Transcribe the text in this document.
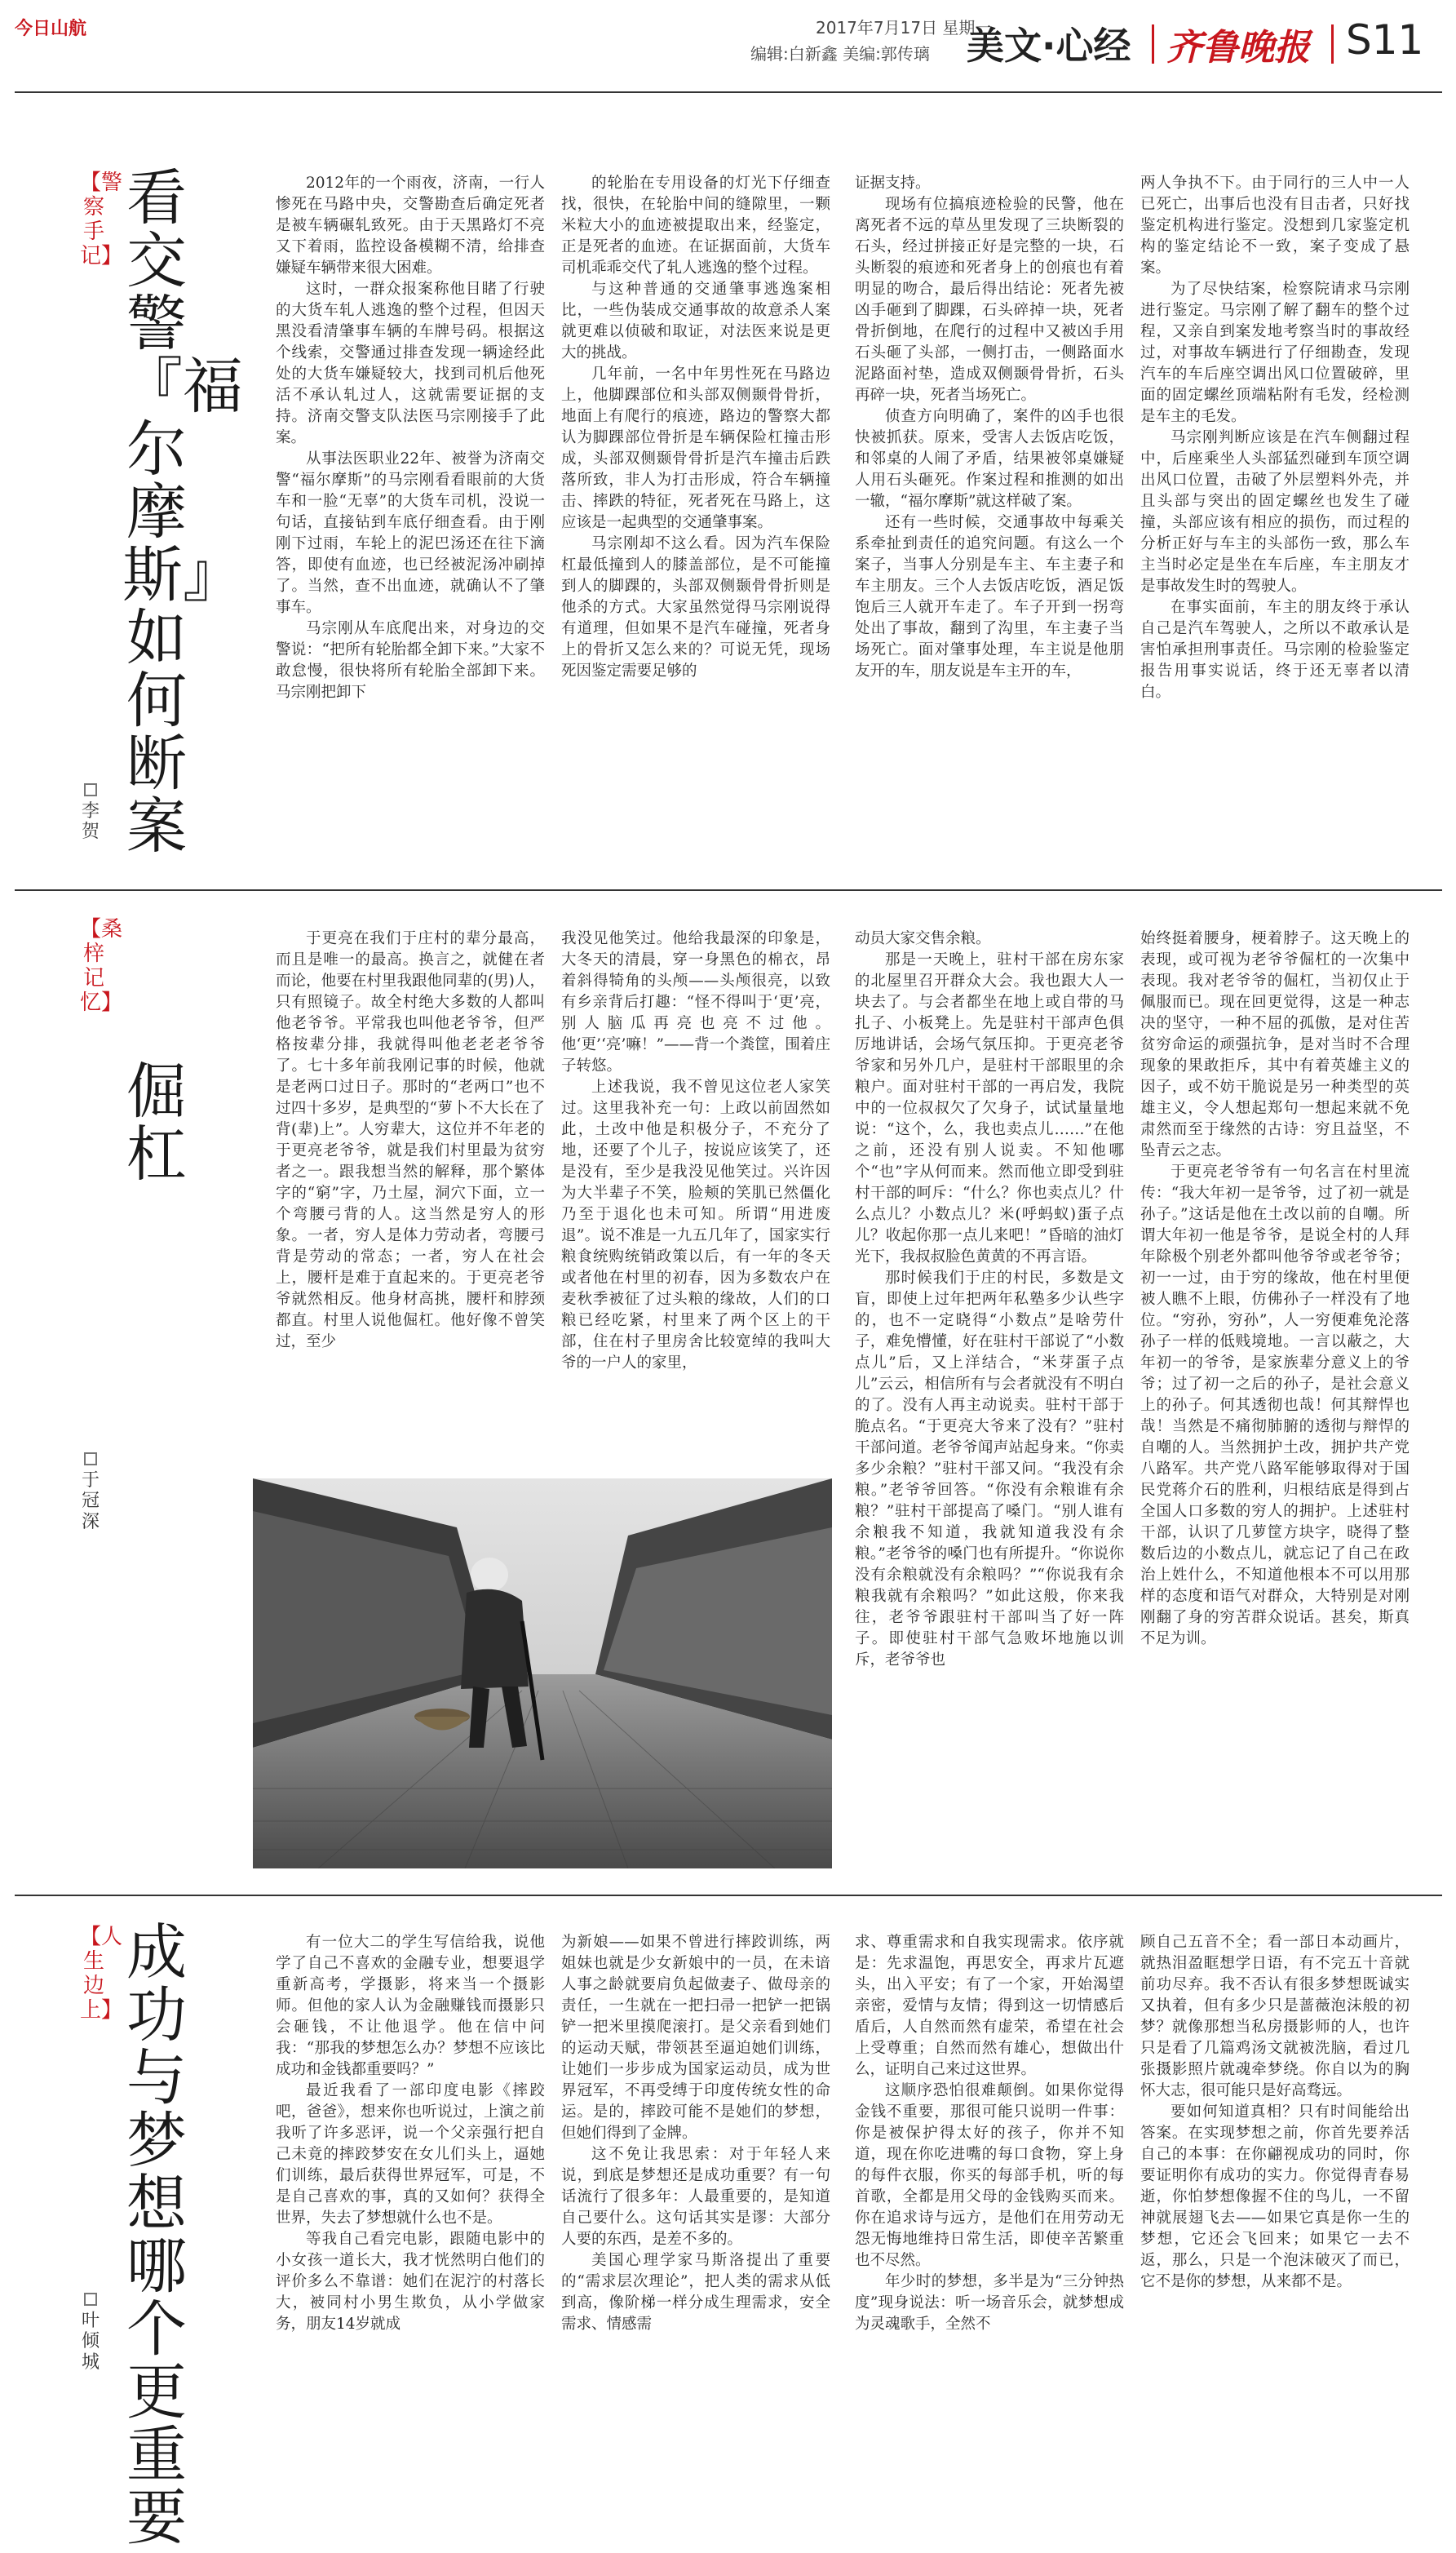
今日山航	2017年7月17日 星期一
编辑:白新鑫 美编:郭传璃 美文·心经 齐鲁晚报 S11
【警察手记】
看交警『福尔摩斯』如何断案
李贺

2012年的一个雨夜，济南，一行人惨死在马路中央，交警勘查后确定死者是被车辆碾轧致死。由于天黑路灯不亮又下着雨，监控设备模糊不清，给排查嫌疑车辆带来很大困难。

这时，一群众报案称他目睹了行驶的大货车轧人逃逸的整个过程，但因天黑没看清肇事车辆的车牌号码。根据这个线索，交警通过排查发现一辆途经此处的大货车嫌疑较大，找到司机后他死活不承认轧过人，这就需要证据的支持。济南交警支队法医马宗刚接手了此案。

从事法医职业22年、被誉为济南交警“福尔摩斯”的马宗刚看看眼前的大货车和一脸“无辜”的大货车司机，没说一句话，直接钻到车底仔细查看。由于刚刚下过雨，车轮上的泥巴汤还在往下滴答，即使有血迹，也已经被泥汤冲刷掉了。当然，查不出血迹，就确认不了肇事车。

马宗刚从车底爬出来，对身边的交警说：“把所有轮胎都全卸下来。”大家不敢怠慢，很快将所有轮胎全部卸下来。马宗刚把卸下

的轮胎在专用设备的灯光下仔细查找，很快，在轮胎中间的缝隙里，一颗米粒大小的血迹被提取出来，经鉴定，正是死者的血迹。在证据面前，大货车司机乖乖交代了轧人逃逸的整个过程。

与这种普通的交通肇事逃逸案相比，一些伪装成交通事故的故意杀人案就更难以侦破和取证，对法医来说是更大的挑战。

几年前，一名中年男性死在马路边上，他脚踝部位和头部双侧颞骨骨折，地面上有爬行的痕迹，路边的警察大都认为脚踝部位骨折是车辆保险杠撞击形成，头部双侧颞骨骨折是汽车撞击后跌落所致，非人为打击形成，符合车辆撞击、摔跌的特征，死者死在马路上，这应该是一起典型的交通肇事案。

马宗刚却不这么看。因为汽车保险杠最低撞到人的膝盖部位，是不可能撞到人的脚踝的，头部双侧颞骨骨折则是他杀的方式。大家虽然觉得马宗刚说得有道理，但如果不是汽车碰撞，死者身上的骨折又怎么来的？可说无凭，现场死因鉴定需要足够的

证据支持。

现场有位搞痕迹检验的民警，他在离死者不远的草丛里发现了三块断裂的石头，经过拼接正好是完整的一块，石头断裂的痕迹和死者身上的创痕也有着明显的吻合，最后得出结论：死者先被凶手砸到了脚踝，石头碎掉一块，死者骨折倒地，在爬行的过程中又被凶手用石头砸了头部，一侧打击，一侧路面水泥路面衬垫，造成双侧颞骨骨折，石头再碎一块，死者当场死亡。

侦查方向明确了，案件的凶手也很快被抓获。原来，受害人去饭店吃饭，和邻桌的人闹了矛盾，结果被邻桌嫌疑人用石头砸死。作案过程和推测的如出一辙，“福尔摩斯”就这样破了案。

还有一些时候，交通事故中每乘关系牵扯到责任的追究问题。有这么一个案子，当事人分别是车主、车主妻子和车主朋友。三个人去饭店吃饭，酒足饭饱后三人就开车走了。车子开到一拐弯处出了事故，翻到了沟里，车主妻子当场死亡。面对肇事处理，车主说是他朋友开的车，朋友说是车主开的车，

两人争执不下。由于同行的三人中一人已死亡，出事后也没有目击者，只好找鉴定机构进行鉴定。没想到几家鉴定机构的鉴定结论不一致，案子变成了悬案。

为了尽快结案，检察院请求马宗刚进行鉴定。马宗刚了解了翻车的整个过程，又亲自到案发地考察当时的事故经过，对事故车辆进行了仔细勘查，发现汽车的车后座空调出风口位置破碎，里面的固定螺丝顶端粘附有毛发，经检测是车主的毛发。

马宗刚判断应该是在汽车侧翻过程中，后座乘坐人头部猛烈碰到车顶空调出风口位置，击破了外层塑料外壳，并且头部与突出的固定螺丝也发生了碰撞，头部应该有相应的损伤，而过程的分析正好与车主的头部伤一致，那么车主当时必定是坐在车后座，车主朋友才是事故发生时的驾驶人。

在事实面前，车主的朋友终于承认自己是汽车驾驶人，之所以不敢承认是害怕承担刑事责任。马宗刚的检验鉴定报告用事实说话，终于还无辜者以清白。

【桑梓记忆】
倔杠
于冠深

于更亮在我们于庄村的辈分最高，而且是唯一的最高。换言之，就健在者而论，他要在村里我跟他同辈的(男)人，只有照镜子。故全村绝大多数的人都叫他老爷爷。平常我也叫他老爷爷，但严格按辈分排，我就得叫他老老老爷爷了。七十多年前我刚记事的时候，他就是老两口过日子。那时的“老两口”也不过四十多岁，是典型的“萝卜不大长在了背(辈)上”。人穷辈大，这位并不年老的于更亮老爷爷，就是我们村里最为贫穷者之一。跟我想当然的解释，那个繁体字的“窮”字，乃土屋，洞穴下面，立一个弯腰弓背的人。这当然是穷人的形象。一者，穷人是体力劳动者，弯腰弓背是劳动的常态；一者，穷人在社会上，腰杆是难于直起来的。于更亮老爷爷就然相反。他身材高挑，腰杆和脖颈都直。村里人说他倔杠。他好像不曾笑过，至少

我没见他笑过。他给我最深的印象是，大冬天的清晨，穿一身黑色的棉衣，昂着斜得犄角的头颅——头颅很亮，以致有乡亲背后打趣：“怪不得叫于‘更’亮，别人脑瓜再亮也亮不过他。他‘更’‘亮’嘛！”——背一个粪筐，围着庄子转悠。

上述我说，我不曾见这位老人家笑过。这里我补充一句：上政以前固然如此，土改中他是积极分子，不充分了地，还要了个儿子，按说应该笑了，还是没有，至少是我没见他笑过。兴许因为大半辈子不笑，脸颊的笑肌已然僵化乃至于退化也未可知。所谓“用进废退”。说不准是一九五几年了，国家实行粮食统购统销政策以后，有一年的冬天或者他在村里的初春，因为多数农户在麦秋季被征了过头粮的缘故，人们的口粮已经吃紧，村里来了两个区上的干部，住在村子里房舍比较宽绰的我叫大爷的一户人的家里，

动员大家交售余粮。

那是一天晚上，驻村干部在房东家的北屋里召开群众大会。我也跟大人一块去了。与会者都坐在地上或自带的马扎子、小板凳上。先是驻村干部声色俱厉地讲话，会场气氛压抑。于更亮老爷爷家和另外几户，是驻村干部眼里的余粮户。面对驻村干部的一再启发，我院中的一位叔叔欠了欠身子，试试量量地说：“这个，么，我也卖点儿……”在他之前，还没有别人说卖。不知他哪个“也”字从何而来。然而他立即受到驻村干部的呵斥：“什么？你也卖点儿？什么点儿？小数点儿？米(呼蚂蚁)蛋子点儿？收起你那一点儿来吧！”昏暗的油灯光下，我叔叔脸色黄黄的不再言语。

那时候我们于庄的村民，多数是文盲，即使上过年把两年私塾多少认些字的，也不一定晓得“小数点”是啥劳什子，难免懵懂，好在驻村干部说了“小数点儿”后，又上洋结合，“米芽蛋子点儿”云云，相信所有与会者就没有不明白的了。没有人再主动说卖。驻村干部于脆点名。“于更亮大爷来了没有？”驻村干部问道。老爷爷闻声站起身来。“你卖多少余粮？”驻村干部又问。“我没有余粮。”老爷爷回答。“你没有余粮谁有余粮？”驻村干部提高了嗓门。“别人谁有余粮我不知道，我就知道我没有余粮。”老爷爷的嗓门也有所提升。“你说你没有余粮就没有余粮吗？”“你说我有余粮我就有余粮吗？”如此这般，你来我往，老爷爷跟驻村干部叫当了好一阵子。即使驻村干部气急败坏地施以训斥，老爷爷也

始终挺着腰身，梗着脖子。这天晚上的表现，或可视为老爷爷倔杠的一次集中表现。我对老爷爷的倔杠，当初仅止于佩服而已。现在回更觉得，这是一种志决的坚守，一种不屈的孤傲，是对住苦贫穷命运的顽强抗争，是对当时不合理现象的果敢拒斥，其中有着英雄主义的因子，或不妨干脆说是另一种类型的英雄主义，令人想起郑句一想起来就不免肃然而至于缘然的古诗：穷且益坚，不坠青云之志。

于更亮老爷爷有一句名言在村里流传：“我大年初一是爷爷，过了初一就是孙子。”这话是他在土改以前的自嘲。所谓大年初一他是爷爷，是说全村的人拜年除极个别老外都叫他爷爷或老爷爷；初一一过，由于穷的缘故，他在村里便被人瞧不上眼，仿佛孙子一样没有了地位。“穷孙，穷孙”，人一穷便难免沦落孙子一样的低贱境地。一言以蔽之，大年初一的爷爷，是家族辈分意义上的爷爷；过了初一之后的孙子，是社会意义上的孙子。何其透彻也哉！何其辩悍也哉！当然是不痛彻肺腑的透彻与辩悍的自嘲的人。当然拥护土改，拥护共产党八路军。共产党八路军能够取得对于国民党蒋介石的胜利，归根结底是得到占全国人口多数的穷人的拥护。上述驻村干部，认识了几萝筐方块字，晓得了整数后边的小数点儿，就忘记了自己在政治上姓什么，不知道他根本不可以用那样的态度和语气对群众，大特别是对刚刚翻了身的穷苦群众说话。甚矣，斯真不足为训。

【人生边上】
成功与梦想哪个更重要
叶倾城

有一位大二的学生写信给我，说他学了自己不喜欢的金融专业，想要退学重新高考，学摄影，将来当一个摄影师。但他的家人认为金融赚钱而摄影只会砸钱，不让他退学。他在信中问我：“那我的梦想怎么办？梦想不应该比成功和金钱都重要吗？”

最近我看了一部印度电影《摔跤吧，爸爸》，想来你也听说过，上演之前我听了许多恶评，说一个父亲强行把自己未竟的摔跤梦安在女儿们头上，逼她们训练，最后获得世界冠军，可是，不是自己喜欢的事，真的又如何？获得全世界，失去了梦想就什么也不是。

等我自己看完电影，跟随电影中的小女孩一道长大，我才恍然明白他们的评价多么不靠谱：她们在泥泞的村落长大，被同村小男生欺负，从小学做家务，朋友14岁就成

为新娘——如果不曾进行摔跤训练，两姐妹也就是少女新娘中的一员，在未谙人事之龄就要肩负起做妻子、做母亲的责任，一生就在一把扫帚一把铲一把锅铲一把米里摸爬滚打。是父亲看到她们的运动天赋，带领甚至逼迫她们训练，让她们一步步成为国家运动员，成为世界冠军，不再受缚于印度传统女性的命运。是的，摔跤可能不是她们的梦想，但她们得到了金牌。

这不免让我思索：对于年轻人来说，到底是梦想还是成功重要？有一句话流行了很多年：人最重要的，是知道自己要什么。这句话其实是谬：大部分人要的东西，是差不多的。

美国心理学家马斯洛提出了重要的“需求层次理论”，把人类的需求从低到高，像阶梯一样分成生理需求，安全需求、情感需

求、尊重需求和自我实现需求。依序就是：先求温饱，再思安全，再求片瓦遮头，出入平安；有了一个家，开始渴望亲密，爱情与友情；得到这一切情感后盾后，人自然而然有虚荣，希望在社会上受尊重；自然而然有雄心，想做出什么，证明自己来过这世界。

这顺序恐怕很难颠倒。如果你觉得金钱不重要，那很可能只说明一件事：你是被保护得太好的孩子，你并不知道，现在你吃进嘴的每口食物，穿上身的每件衣服，你买的每部手机，听的每首歌，全都是用父母的金钱购买而来。你在追求诗与远方，是他们在用劳动无怨无悔地维持日常生活，即使辛苦繁重也不尽然。

年少时的梦想，多半是为“三分钟热度”现身说法：听一场音乐会，就梦想成为灵魂歌手，全然不

顾自己五音不全；看一部日本动画片，就热泪盈眶想学日语，有不完五十音就前功尽弃。我不否认有很多梦想既诚实又执着，但有多少只是蔷薇泡沫般的初梦？就像那想当私房摄影师的人，也许只是看了几篇鸡汤文就被洗脑，看过几张摄影照片就魂牵梦绕。你自以为的胸怀大志，很可能只是好高骛远。

要如何知道真相？只有时间能给出答案。在实现梦想之前，你首先要养活自己的本事：在你翩视成功的同时，你要证明你有成功的实力。你觉得青春易逝，你怕梦想像握不住的鸟儿，一不留神就展翅飞去——如果它真是你一生的梦想，它还会飞回来；如果它一去不返，那么，只是一个泡沫破灭了而已，它不是你的梦想，从来都不是。
